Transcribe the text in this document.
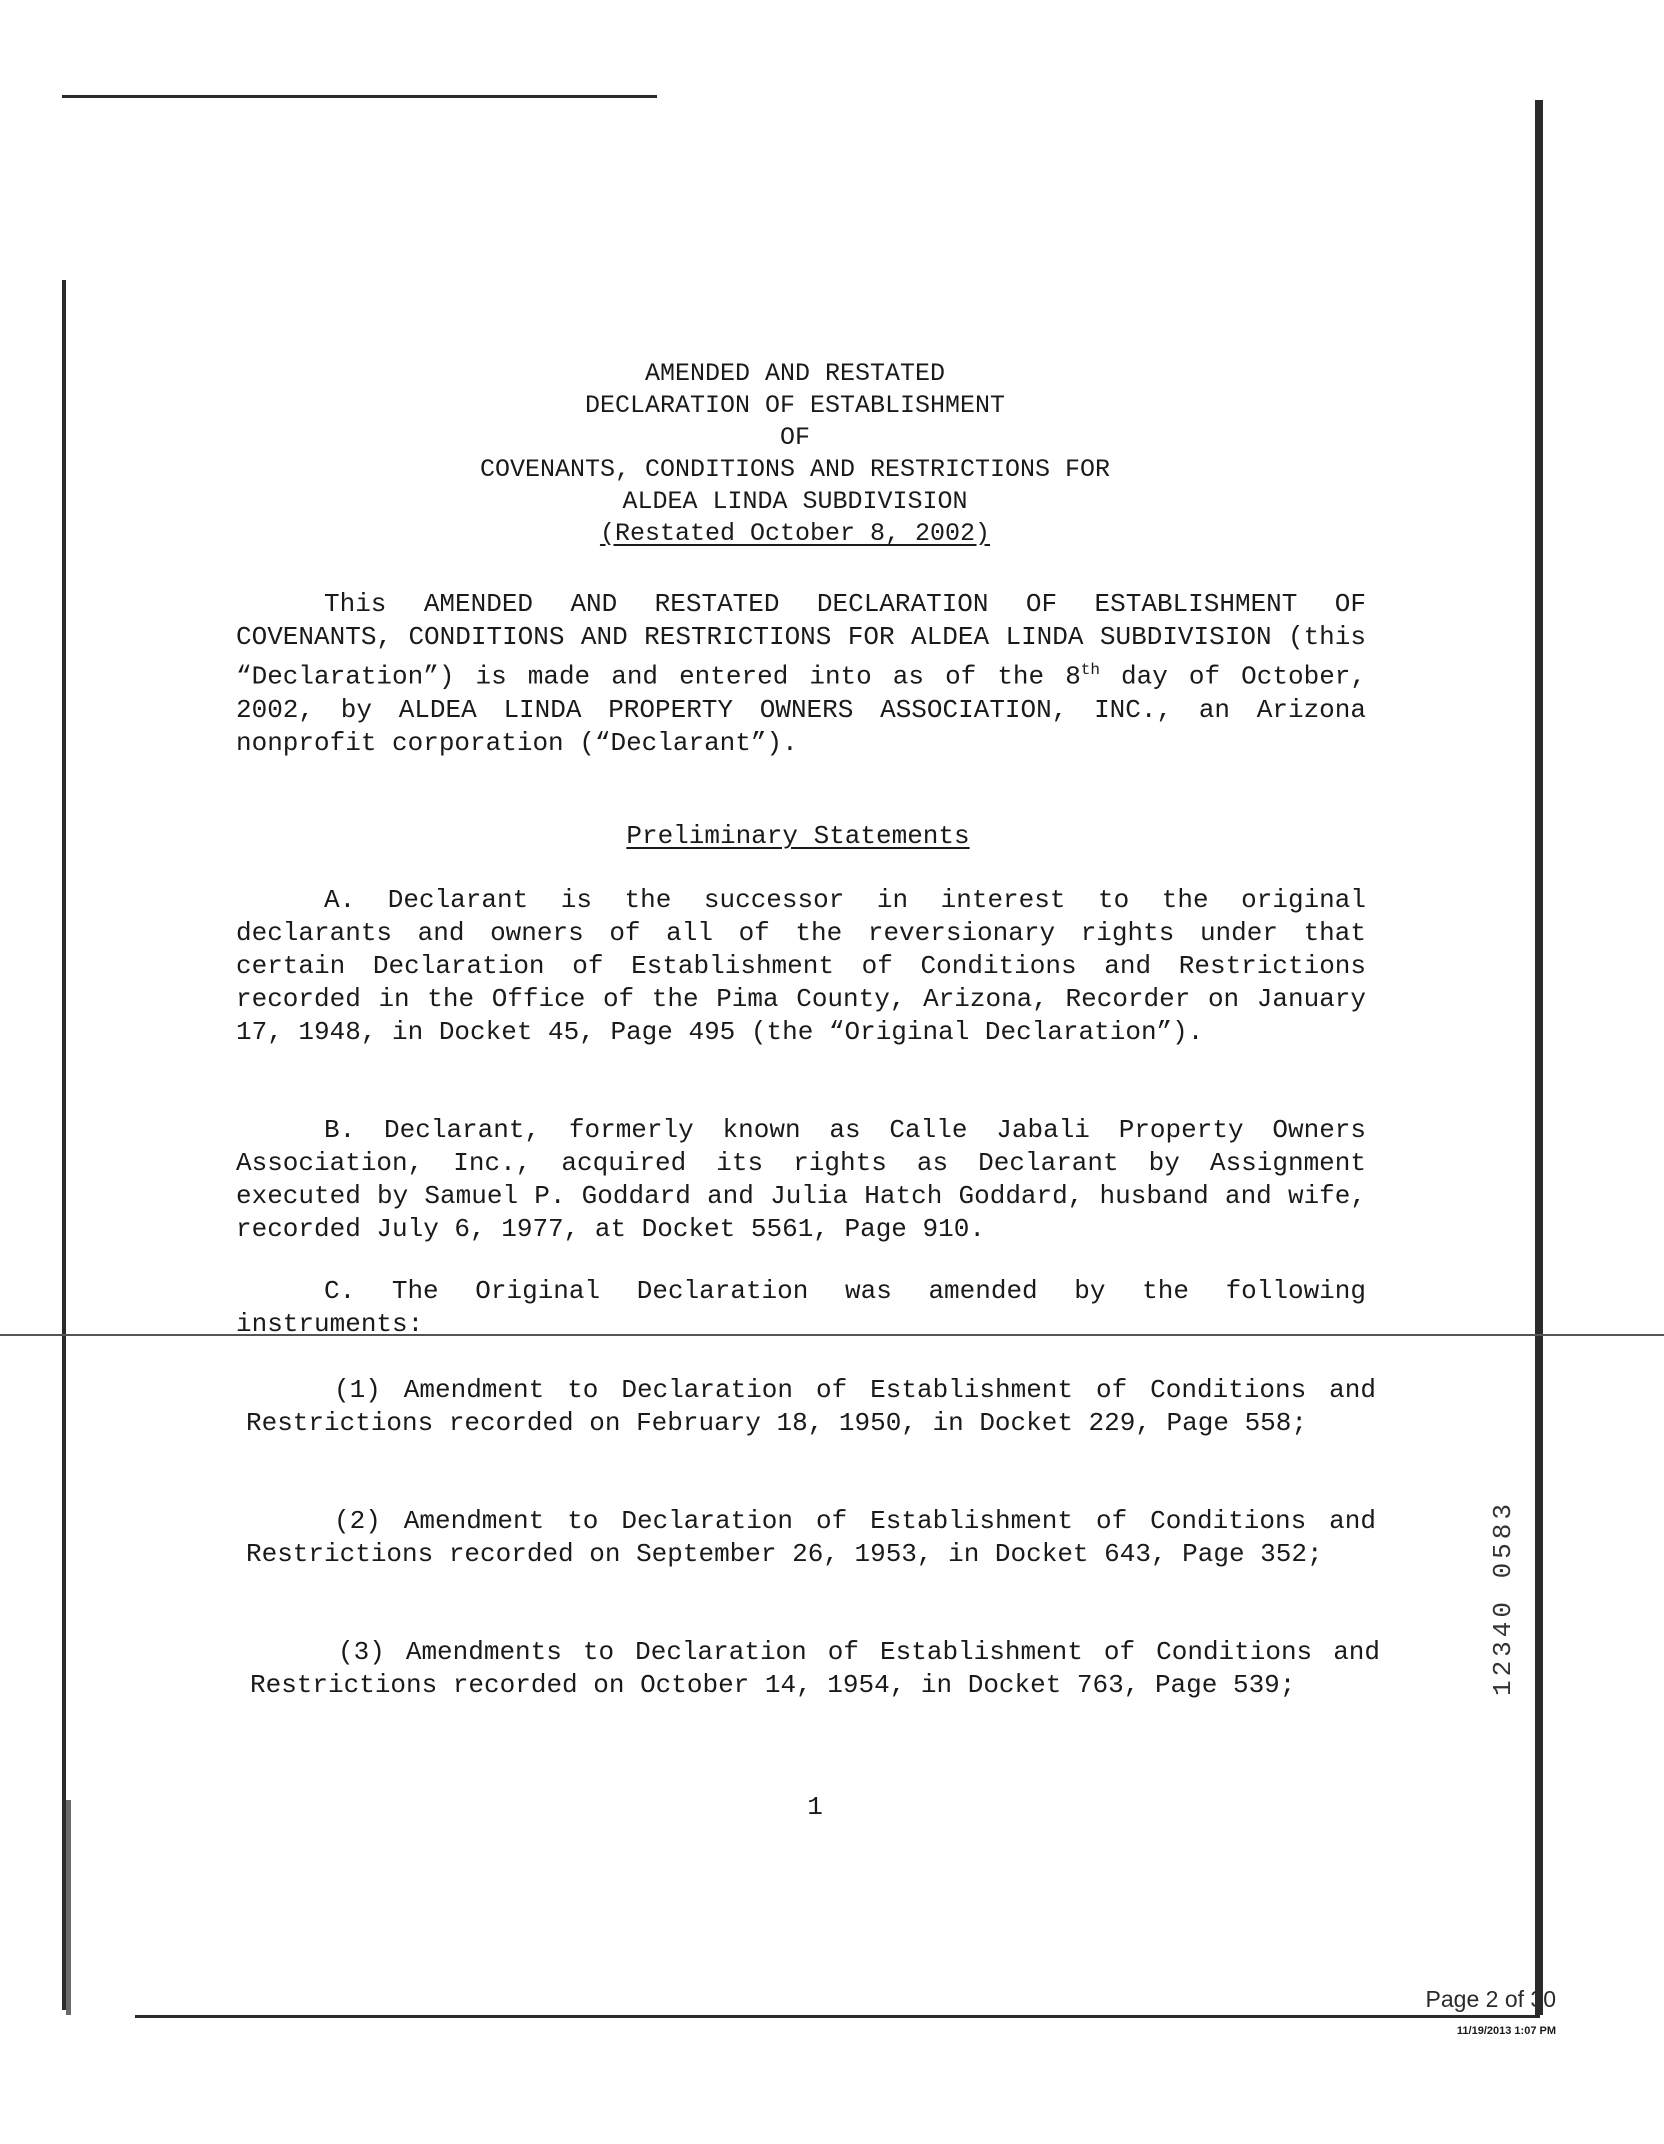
AMENDED AND RESTATED
DECLARATION OF ESTABLISHMENT
OF
COVENANTS, CONDITIONS AND RESTRICTIONS FOR
ALDEA LINDA SUBDIVISION
(Restated October 8, 2002)
This AMENDED AND RESTATED DECLARATION OF ESTABLISHMENT OF COVENANTS, CONDITIONS AND RESTRICTIONS FOR ALDEA LINDA SUBDIVISION (this “Declaration”) is made and entered into as of the 8th day of October, 2002, by ALDEA LINDA PROPERTY OWNERS ASSOCIATION, INC., an Arizona nonprofit corporation (“Declarant”).
Preliminary Statements
A. Declarant is the successor in interest to the original declarants and owners of all of the reversionary rights under that certain Declaration of Establishment of Conditions and Restrictions recorded in the Office of the Pima County, Arizona, Recorder on January 17, 1948, in Docket 45, Page 495 (the “Original Declaration”).
B. Declarant, formerly known as Calle Jabali Property Owners Association, Inc., acquired its rights as Declarant by Assignment executed by Samuel P. Goddard and Julia Hatch Goddard, husband and wife, recorded July 6, 1977, at Docket 5561, Page 910.
C. The Original Declaration was amended by the following instruments:
(1) Amendment to Declaration of Establishment of Conditions and Restrictions recorded on February 18, 1950, in Docket 229, Page 558;
(2) Amendment to Declaration of Establishment of Conditions and Restrictions recorded on September 26, 1953, in Docket 643, Page 352;
(3) Amendments to Declaration of Establishment of Conditions and Restrictions recorded on October 14, 1954, in Docket 763, Page 539;	12340 0583
1
Page 2 of 30
11/19/2013 1:07 PM
